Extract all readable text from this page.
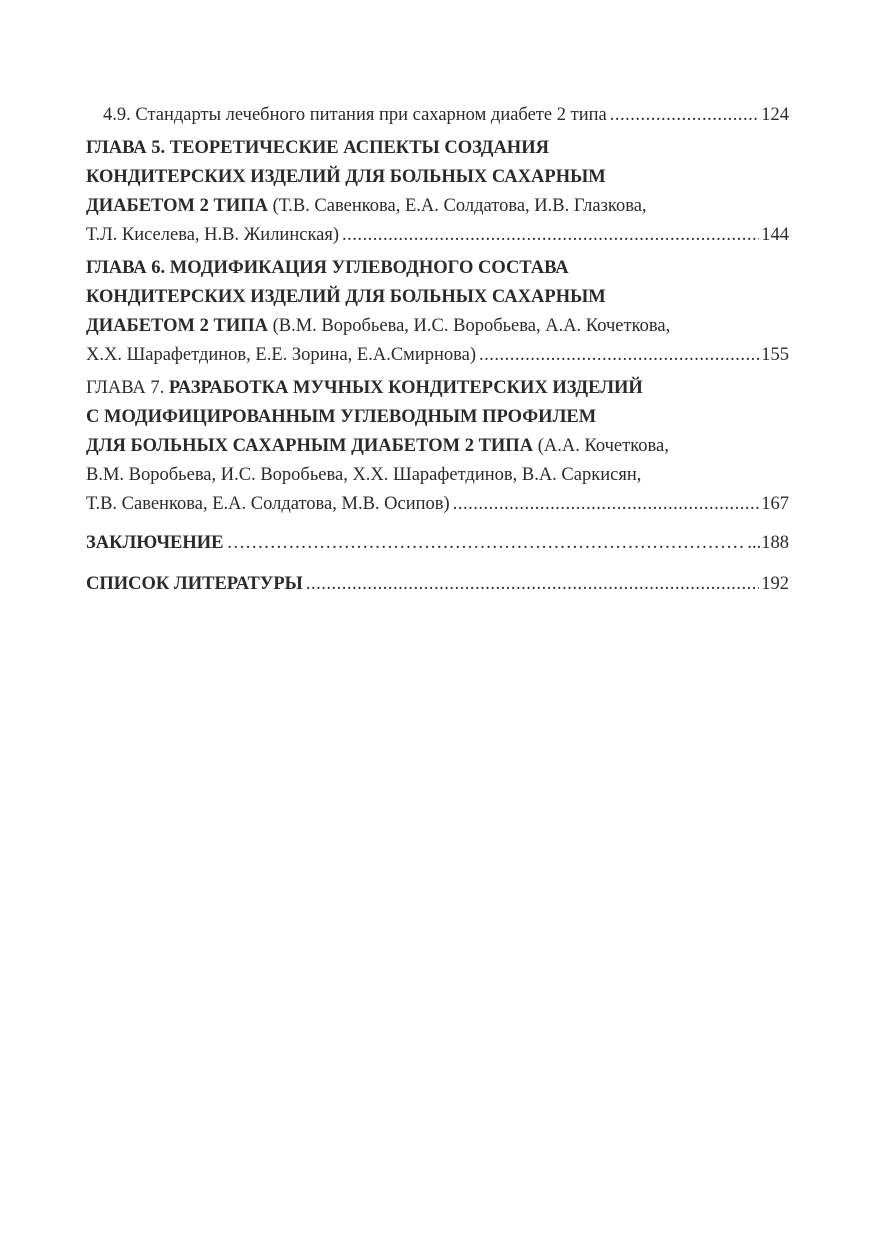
4.9. Стандарты лечебного питания при сахарном диабете 2 типа .....	124
ГЛАВА 5. ТЕОРЕТИЧЕСКИЕ АСПЕКТЫ СОЗДАНИЯ
КОНДИТЕРСКИХ ИЗДЕЛИЙ ДЛЯ БОЛЬНЫХ САХАРНЫМ
ДИАБЕТОМ 2 ТИПА
(Т.В. Савенкова, Е.А. Солдатова, И.В. Глазкова,
Т.Л. Киселева, Н.В. Жилинская) .....	144
ГЛАВА 6. МОДИФИКАЦИЯ УГЛЕВОДНОГО СОСТАВА
КОНДИТЕРСКИХ ИЗДЕЛИЙ ДЛЯ БОЛЬНЫХ САХАРНЫМ
ДИАБЕТОМ 2 ТИПА
(В.М. Воробьева, И.С. Воробьева, А.А. Кочеткова,
Х.Х. Шарафетдинов, Е.Е. Зорина, Е.А.Смирнова) .....	155
ГЛАВА 7.
РАЗРАБОТКА МУЧНЫХ КОНДИТЕРСКИХ ИЗДЕЛИЙ
С МОДИФИЦИРОВАННЫМ УГЛЕВОДНЫМ ПРОФИЛЕМ
ДЛЯ БОЛЬНЫХ САХАРНЫМ ДИАБЕТОМ 2 ТИПА
(А.А. Кочеткова,
В.М. Воробьева, И.С. Воробьева, Х.Х. Шарафетдинов, В.А. Саркисян,
Т.В. Савенкова, Е.А. Солдатова, М.В. Осипов) .....	167
ЗАКЛЮЧЕНИЕ ……………………………………………………………………………………………………………………	...188
СПИСОК ЛИТЕРАТУРЫ .....	192
